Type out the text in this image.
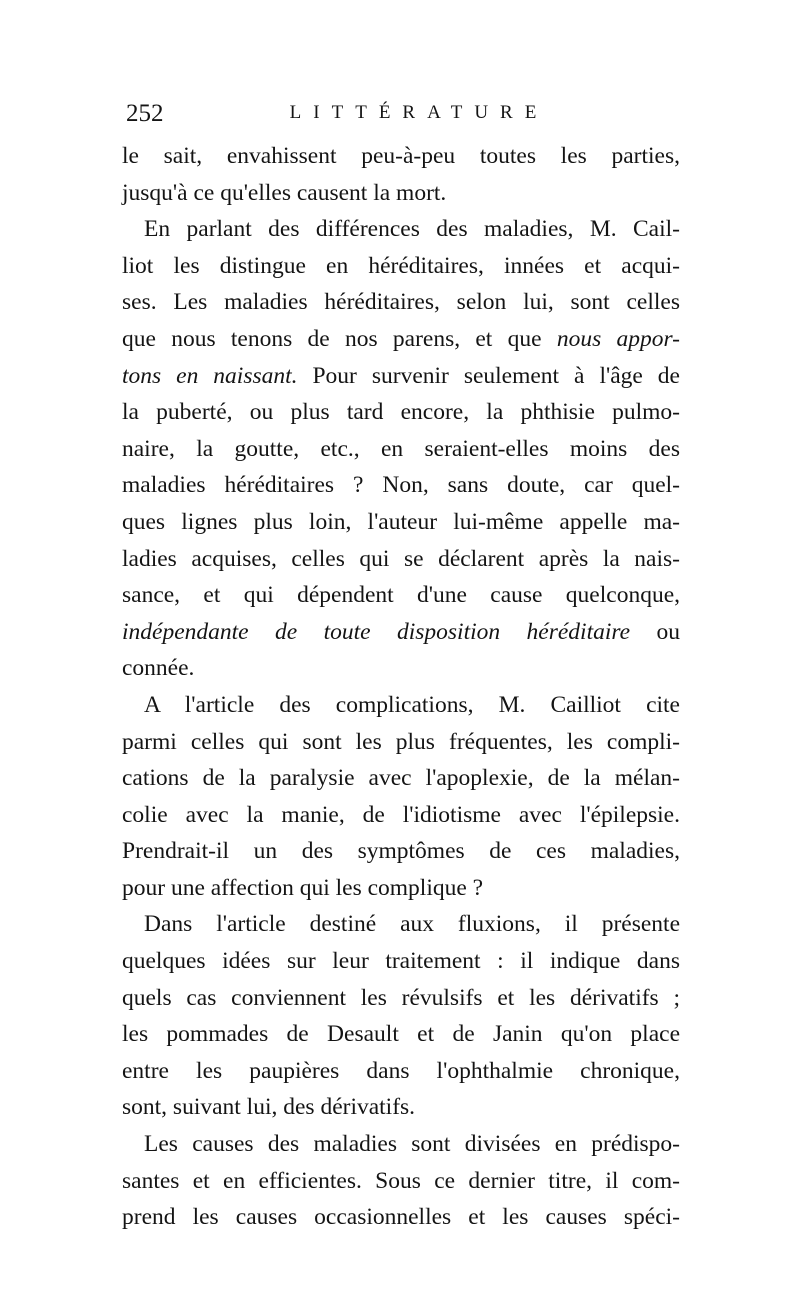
252	LITTÉRATURE
le sait, envahissent peu-à-peu toutes les parties,
jusqu'à ce qu'elles causent la mort.
En parlant des différences des maladies, M. Cail-
liot les distingue en héréditaires, innées et acqui-
ses. Les maladies héréditaires, selon lui, sont celles
que nous tenons de nos parens, et que nous appor-
tons en naissant. Pour survenir seulement à l'âge de
la puberté, ou plus tard encore, la phthisie pulmo-
naire, la goutte, etc., en seraient-elles moins des
maladies héréditaires ? Non, sans doute, car quel-
ques lignes plus loin, l'auteur lui-même appelle ma-
ladies acquises, celles qui se déclarent après la nais-
sance, et qui dépendent d'une cause quelconque,
indépendante de toute disposition héréditaire ou
connée.
A l'article des complications, M. Cailliot cite
parmi celles qui sont les plus fréquentes, les compli-
cations de la paralysie avec l'apoplexie, de la mélan-
colie avec la manie, de l'idiotisme avec l'épilepsie.
Prendrait-il un des symptômes de ces maladies,
pour une affection qui les complique ?
Dans l'article destiné aux fluxions, il présente
quelques idées sur leur traitement : il indique dans
quels cas conviennent les révulsifs et les dérivatifs ;
les pommades de Desault et de Janin qu'on place
entre les paupières dans l'ophthalmie chronique,
sont, suivant lui, des dérivatifs.
Les causes des maladies sont divisées en prédispo-
santes et en efficientes. Sous ce dernier titre, il com-
prend les causes occasionnelles et les causes spéci-
